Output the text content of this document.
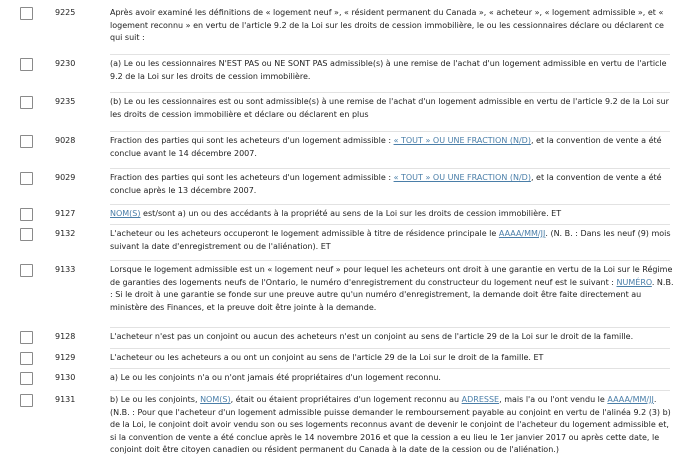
9225	Après avoir examiné les définitions de « logement neuf », « résident permanent du Canada », « acheteur », « logement admissible », et « logement reconnu » en vertu de l'article 9.2 de la Loi sur les droits de cession immobilière, le ou les cessionnaires déclare ou déclarent ce qui suit :
9230	(a) Le ou les cessionnaires N'EST PAS ou NE SONT PAS admissible(s) à une remise de l'achat d'un logement admissible en vertu de l'article 9.2 de la Loi sur les droits de cession immobilière.
9235	(b) Le ou les cessionnaires est ou sont admissible(s) à une remise de l'achat d'un logement admissible en vertu de l'article 9.2 de la Loi sur les droits de cession immobilière et déclare ou déclarent en plus
9028	Fraction des parties qui sont les acheteurs d'un logement admissible : « TOUT » OU UNE FRACTION (N/D), et la convention de vente a été conclue avant le 14 décembre 2007.
9029	Fraction des parties qui sont les acheteurs d'un logement admissible : « TOUT » OU UNE FRACTION (N/D), et la convention de vente a été conclue après le 13 décembre 2007.
9127	NOM(S) est/sont a) un ou des accédants à la propriété au sens de la Loi sur les droits de cession immobilière. ET
9132	L'acheteur ou les acheteurs occuperont le logement admissible à titre de résidence principale le AAAA/MM/JJ. (N. B. : Dans les neuf (9) mois suivant la date d'enregistrement ou de l'aliénation). ET
9133	Lorsque le logement admissible est un « logement neuf » pour lequel les acheteurs ont droit à une garantie en vertu de la Loi sur le Régime de garanties des logements neufs de l'Ontario, le numéro d'enregistrement du constructeur du logement neuf est le suivant : NUMÉRO. N.B. : Si le droit à une garantie se fonde sur une preuve autre qu'un numéro d'enregistrement, la demande doit être faite directement au ministère des Finances, et la preuve doit être jointe à la demande.
9128	L'acheteur n'est pas un conjoint ou aucun des acheteurs n'est un conjoint au sens de l'article 29 de la Loi sur le droit de la famille.
9129	L'acheteur ou les acheteurs a ou ont un conjoint au sens de l'article 29 de la Loi sur le droit de la famille. ET
9130	a) Le ou les conjoints n'a ou n'ont jamais été propriétaires d'un logement reconnu.
9131	b) Le ou les conjoints, NOM(S), était ou étaient propriétaires d'un logement reconnu au ADRESSE, mais l'a ou l'ont vendu le AAAA/MM/JJ. (N.B. : Pour que l'acheteur d'un logement admissible puisse demander le remboursement payable au conjoint en vertu de l'alinéa 9.2 (3) b) de la Loi, le conjoint doit avoir vendu son ou ses logements reconnus avant de devenir le conjoint de l'acheteur du logement admissible et, si la convention de vente a été conclue après le 14 novembre 2016 et que la cession a eu lieu le 1er janvier 2017 ou après cette date, le conjoint doit être citoyen canadien ou résident permanent du Canada à la date de la cession ou de l'aliénation.)
